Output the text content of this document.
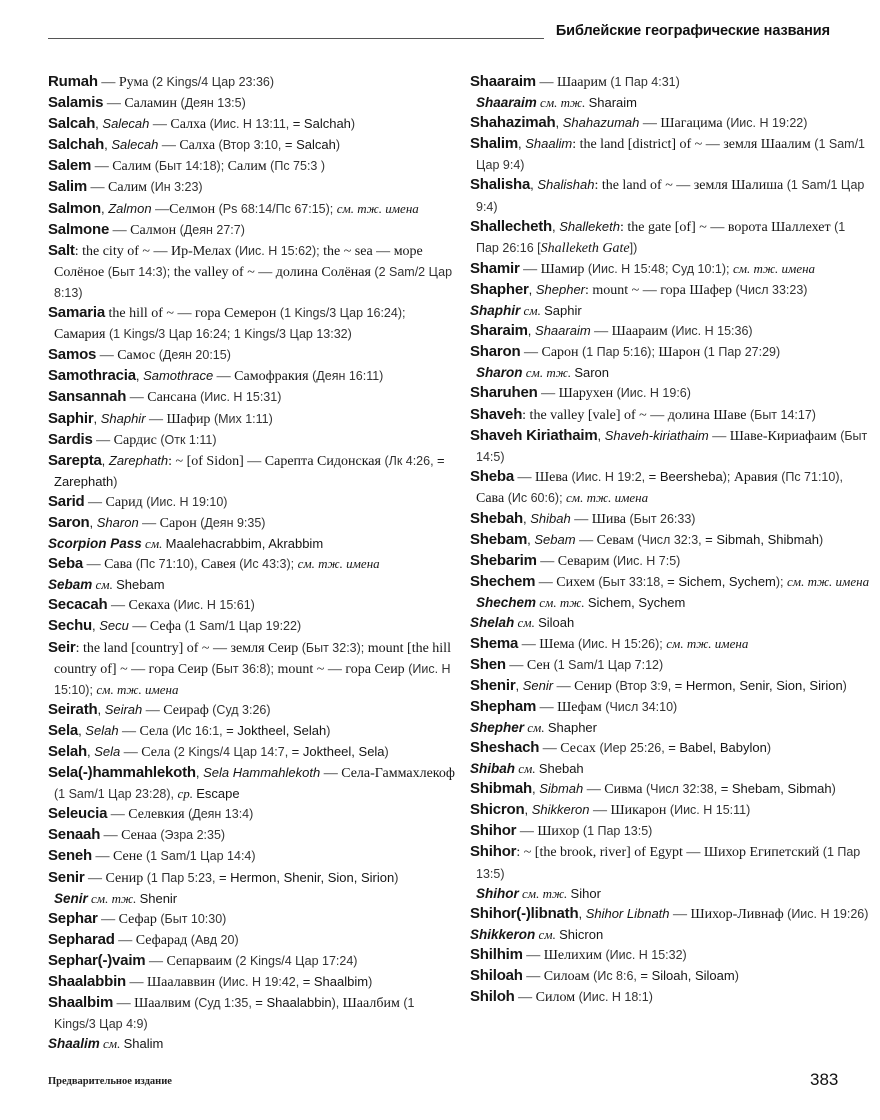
Библейские географические названия
Rumah — Рума (2 Kings/4 Цар 23:36)
Salamis — Саламин (Деян 13:5)
Salcah, Salecah — Салха (Иис. Н 13:11, = Salchah)
Salchah, Salecah — Салха (Втор 3:10, = Salcah)
Salem — Салим (Быт 14:18); Салим (Пс 75:3 )
Salim — Салим (Ин 3:23)
Salmon, Zalmon —Селмон (Ps 68:14/Пс 67:15); см. тж. имена
Salmone — Салмон (Деян 27:7)
Salt: the city of ~ — Ир-Мелах (Иис. Н 15:62); the ~ sea — море Солёное (Быт 14:3); the valley of ~ — долина Солёная (2 Sam/2 Цар 8:13)
Samaria the hill of ~ — гора Семерон (1 Kings/3 Цар 16:24); Самария (1 Kings/3 Цар 16:24; 1 Kings/3 Цар 13:32)
Samos — Самос (Деян 20:15)
Samothracia, Samothrace — Самофракия (Деян 16:11)
Sansannah — Сансана (Иис. Н 15:31)
Saphir, Shaphir — Шафир (Мих 1:11)
Sardis — Сардис (Отк 1:11)
Sarepta, Zarephath: ~ [of Sidon] — Сарепта Сидонская (Лк 4:26, = Zarephath)
Sarid — Сарид (Иис. Н 19:10)
Saron, Sharon — Сарон (Деян 9:35)
Scorpion Pass см. Maalehacrabbim, Akrabbim
Seba — Сава (Пс 71:10), Савея (Ис 43:3); см. тж. имена
Sebam см. Shebam
Secacah — Секаха (Иис. Н 15:61)
Sechu, Secu — Сефа (1 Sam/1 Цар 19:22)
Seir: the land [country] of ~ — земля Сеир (Быт 32:3); mount [the hill country of] ~ — гора Сеир (Быт 36:8); mount ~ — гора Сеир (Иис. Н 15:10); см. тж. имена
Seirath, Seirah — Сеираф (Суд 3:26)
Sela, Selah — Села (Ис 16:1, = Joktheel, Selah)
Selah, Sela — Села (2 Kings/4 Цар 14:7, = Joktheel, Sela)
Sela(-)hammahlekoth, Sela Hammahlekoth — Села-Гаммахлекоф (1 Sam/1 Цар 23:28), ср. Escape
Seleucia — Селевкия (Деян 13:4)
Senaah — Сенаа (Эзра 2:35)
Seneh — Сене (1 Sam/1 Цар 14:4)
Senir — Сенир (1 Пар 5:23, = Hermon, Shenir, Sion, Sirion)
Senir см. тж. Shenir
Sephar — Сефар (Быт 10:30)
Sepharad — Сефарад (Авд 20)
Sephar(-)vaim — Сепарваим (2 Kings/4 Цар 17:24)
Shaalabbin — Шаалаввин (Иис. Н 19:42, = Shaalbim)
Shaalbim — Шаалвим (Суд 1:35, = Shaalabbin), Шаалбим (1 Kings/3 Цар 4:9)
Shaalim см. Shalim
Shaaraim — Шаарим (1 Пар 4:31)
Shaaraim см. тж. Sharaim
Shahazimah, Shahazumah — Шагацима (Иис. Н 19:22)
Shalim, Shaalim: the land [district] of ~ — земля Шаалим (1 Sam/1 Цар 9:4)
Shalisha, Shalishah: the land of ~ — земля Шалиша (1 Sam/1 Цар 9:4)
Shallecheth, Shalleketh: the gate [of] ~ — ворота Шаллехет (1 Пар 26:16 [Shalleketh Gate])
Shamir — Шамир (Иис. Н 15:48; Суд 10:1); см. тж. имена
Shapher, Shepher: mount ~ — гора Шафер (Числ 33:23)
Shaphir см. Saphir
Sharaim, Shaaraim — Шаараим (Иис. Н 15:36)
Sharon — Сарон (1 Пар 5:16); Шарон (1 Пар 27:29)
Sharon см. тж. Saron
Sharuhen — Шарухен (Иис. Н 19:6)
Shaveh: the valley [vale] of ~ — долина Шаве (Быт 14:17)
Shaveh Kiriathaim, Shaveh-kiriathaim — Шаве-Кириафаим (Быт 14:5)
Sheba — Шева (Иис. Н 19:2, = Beersheba); Аравия (Пс 71:10), Сава (Ис 60:6); см. тж. имена
Shebah, Shibah — Шива (Быт 26:33)
Shebam, Sebam — Севам (Числ 32:3, = Sibmah, Shibmah)
Shebarim — Севарим (Иис. Н 7:5)
Shechem — Сихем (Быт 33:18, = Sichem, Sychem); см. тж. имена
Shechem см. тж. Sichem, Sychem
Shelah см. Siloah
Shema — Шема (Иис. Н 15:26); см. тж. имена
Shen — Сен (1 Sam/1 Цар 7:12)
Shenir, Senir — Сенир (Втор 3:9, = Hermon, Senir, Sion, Sirion)
Shepham — Шефам (Числ 34:10)
Shepher см. Shapher
Sheshach — Сесах (Иер 25:26, = Babel, Babylon)
Shibah см. Shebah
Shibmah, Sibmah — Сивма (Числ 32:38, = Shebam, Sibmah)
Shicron, Shikkeron — Шикарон (Иис. Н 15:11)
Shihor — Шихор (1 Пар 13:5)
Shihor: ~ [the brook, river] of Egypt — Шихор Египетский (1 Пар 13:5)
Shihor см. тж. Sihor
Shihor(-)libnath, Shihor Libnath — Шихор-Ливнаф (Иис. Н 19:26)
Shikkeron см. Shicron
Shilhim — Шелихим (Иис. Н 15:32)
Shiloah — Силоам (Ис 8:6, = Siloah, Siloam)
Shiloh — Силом (Иис. Н 18:1)
Предварительное издание	383
